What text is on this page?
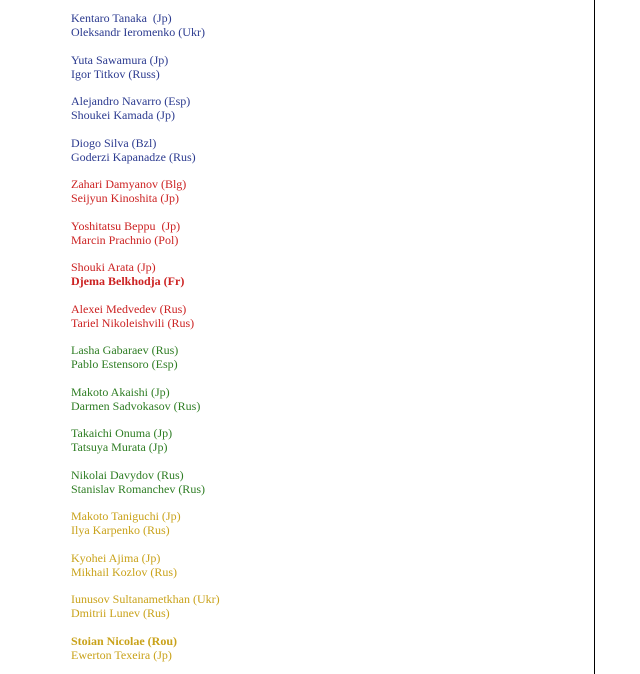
Kentaro Tanaka  (Jp)
Oleksandr Ieromenko (Ukr)
Yuta Sawamura (Jp)
Igor Titkov (Russ)
Alejandro Navarro (Esp)
Shoukei Kamada (Jp)
Diogo Silva (Bzl)
Goderzi Kapanadze (Rus)
Zahari Damyanov (Blg)
Seijyun Kinoshita (Jp)
Yoshitatsu Beppu  (Jp)
Marcin Prachnio (Pol)
Shouki Arata (Jp)
Djema Belkhodja (Fr)
Alexei Medvedev (Rus)
Tariel Nikoleishvili (Rus)
Lasha Gabaraev (Rus)
Pablo Estensoro (Esp)
Makoto Akaishi (Jp)
Darmen Sadvokasov (Rus)
Takaichi Onuma (Jp)
Tatsuya Murata (Jp)
Nikolai Davydov (Rus)
Stanislav Romanchev (Rus)
Makoto Taniguchi (Jp)
Ilya Karpenko (Rus)
Kyohei Ajima (Jp)
Mikhail Kozlov (Rus)
Iunusov Sultanametkhan (Ukr)
Dmitrii Lunev (Rus)
Stoian Nicolae (Rou)
Ewerton Texeira (Jp)
